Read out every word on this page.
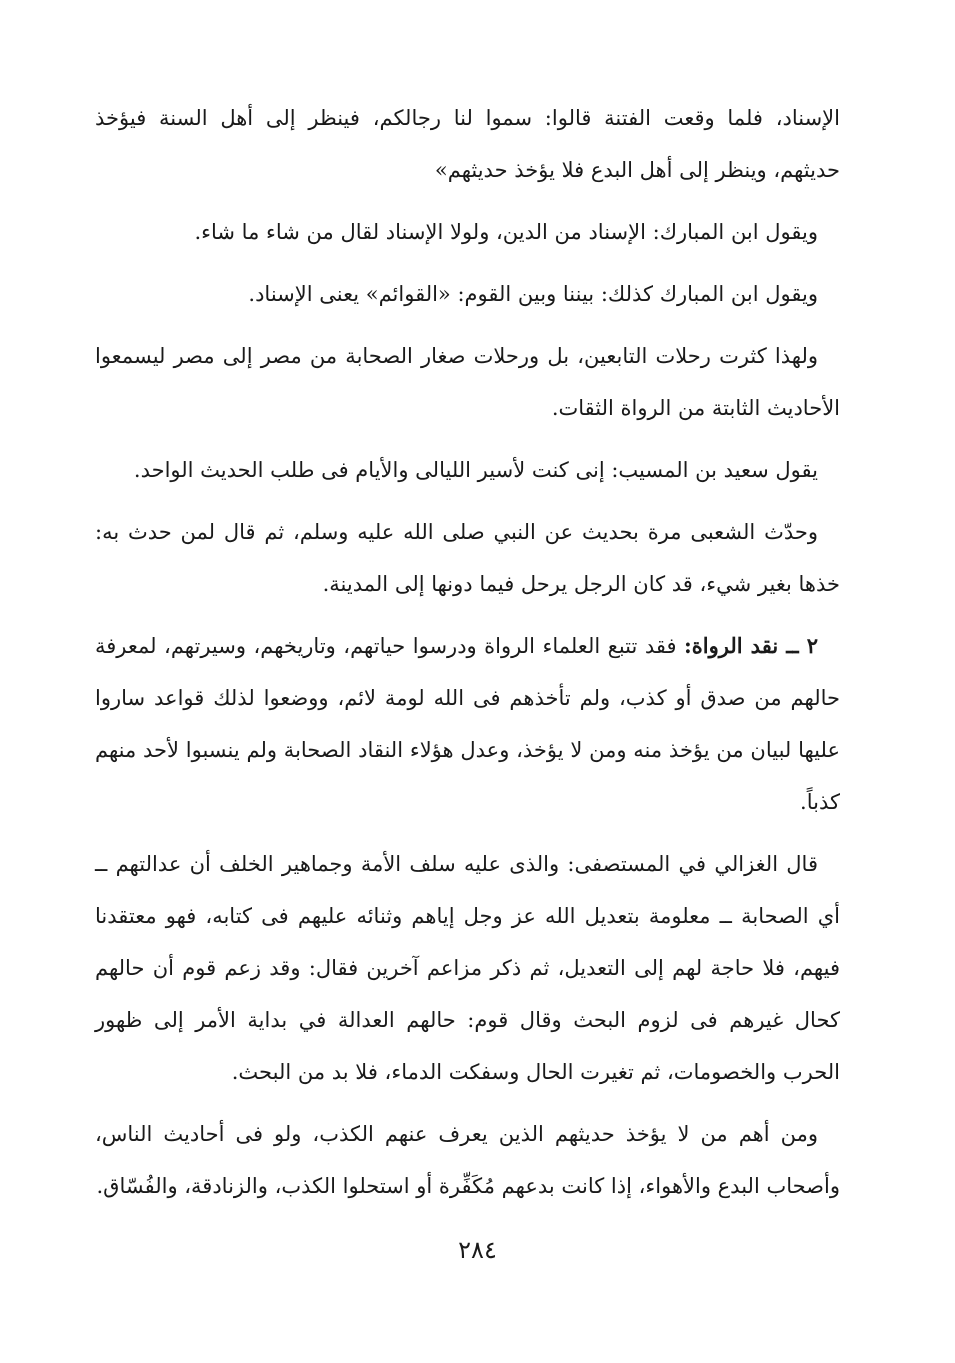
الإسناد، فلما وقعت الفتنة قالوا: سموا لنا رجالكم، فينظر إلى أهل السنة فيؤخذ حديثهم، وينظر إلى أهل البدع فلا يؤخذ حديثهم»

ويقول ابن المبارك: الإسناد من الدين، ولولا الإسناد لقال من شاء ما شاء.

ويقول ابن المبارك كذلك: بيننا وبين القوم: «القوائم» يعنى الإسناد.

ولهذا كثرت رحلات التابعين، بل ورحلات صغار الصحابة من مصر إلى مصر ليسمعوا الأحاديث الثابتة من الرواة الثقات.

يقول سعيد بن المسيب: إنى كنت لأسير الليالى والأيام فى طلب الحديث الواحد.

وحدّث الشعبى مرة بحديث عن النبي صلى الله عليه وسلم، ثم قال لمن حدث به: خذها بغير شيء، قد كان الرجل يرحل فيما دونها إلى المدينة.

٢ ــ نقد الرواة: فقد تتبع العلماء الرواة ودرسوا حياتهم، وتاريخهم، وسيرتهم، لمعرفة حالهم من صدق أو كذب، ولم تأخذهم فى الله لومة لائم، ووضعوا لذلك قواعد ساروا عليها لبيان من يؤخذ منه ومن لا يؤخذ، وعدل هؤلاء النقاد الصحابة ولم ينسبوا لأحد منهم كذباً.

قال الغزالي في المستصفى: والذى عليه سلف الأمة وجماهير الخلف أن عدالتهم ــ أي الصحابة ــ معلومة بتعديل الله عز وجل إياهم وثنائه عليهم فى كتابه، فهو معتقدنا فيهم، فلا حاجة لهم إلى التعديل، ثم ذكر مزاعم آخرين فقال: وقد زعم قوم أن حالهم كحال غيرهم فى لزوم البحث وقال قوم: حالهم العدالة في بداية الأمر إلى ظهور الحرب والخصومات، ثم تغيرت الحال وسفكت الدماء، فلا بد من البحث.

ومن أهم من لا يؤخذ حديثهم الذين يعرف عنهم الكذب، ولو فى أحاديث الناس، وأصحاب البدع والأهواء، إذا كانت بدعهم مُكَفِّرة أو استحلوا الكذب، والزنادقة، والفُسّاق.

٢٨٤
